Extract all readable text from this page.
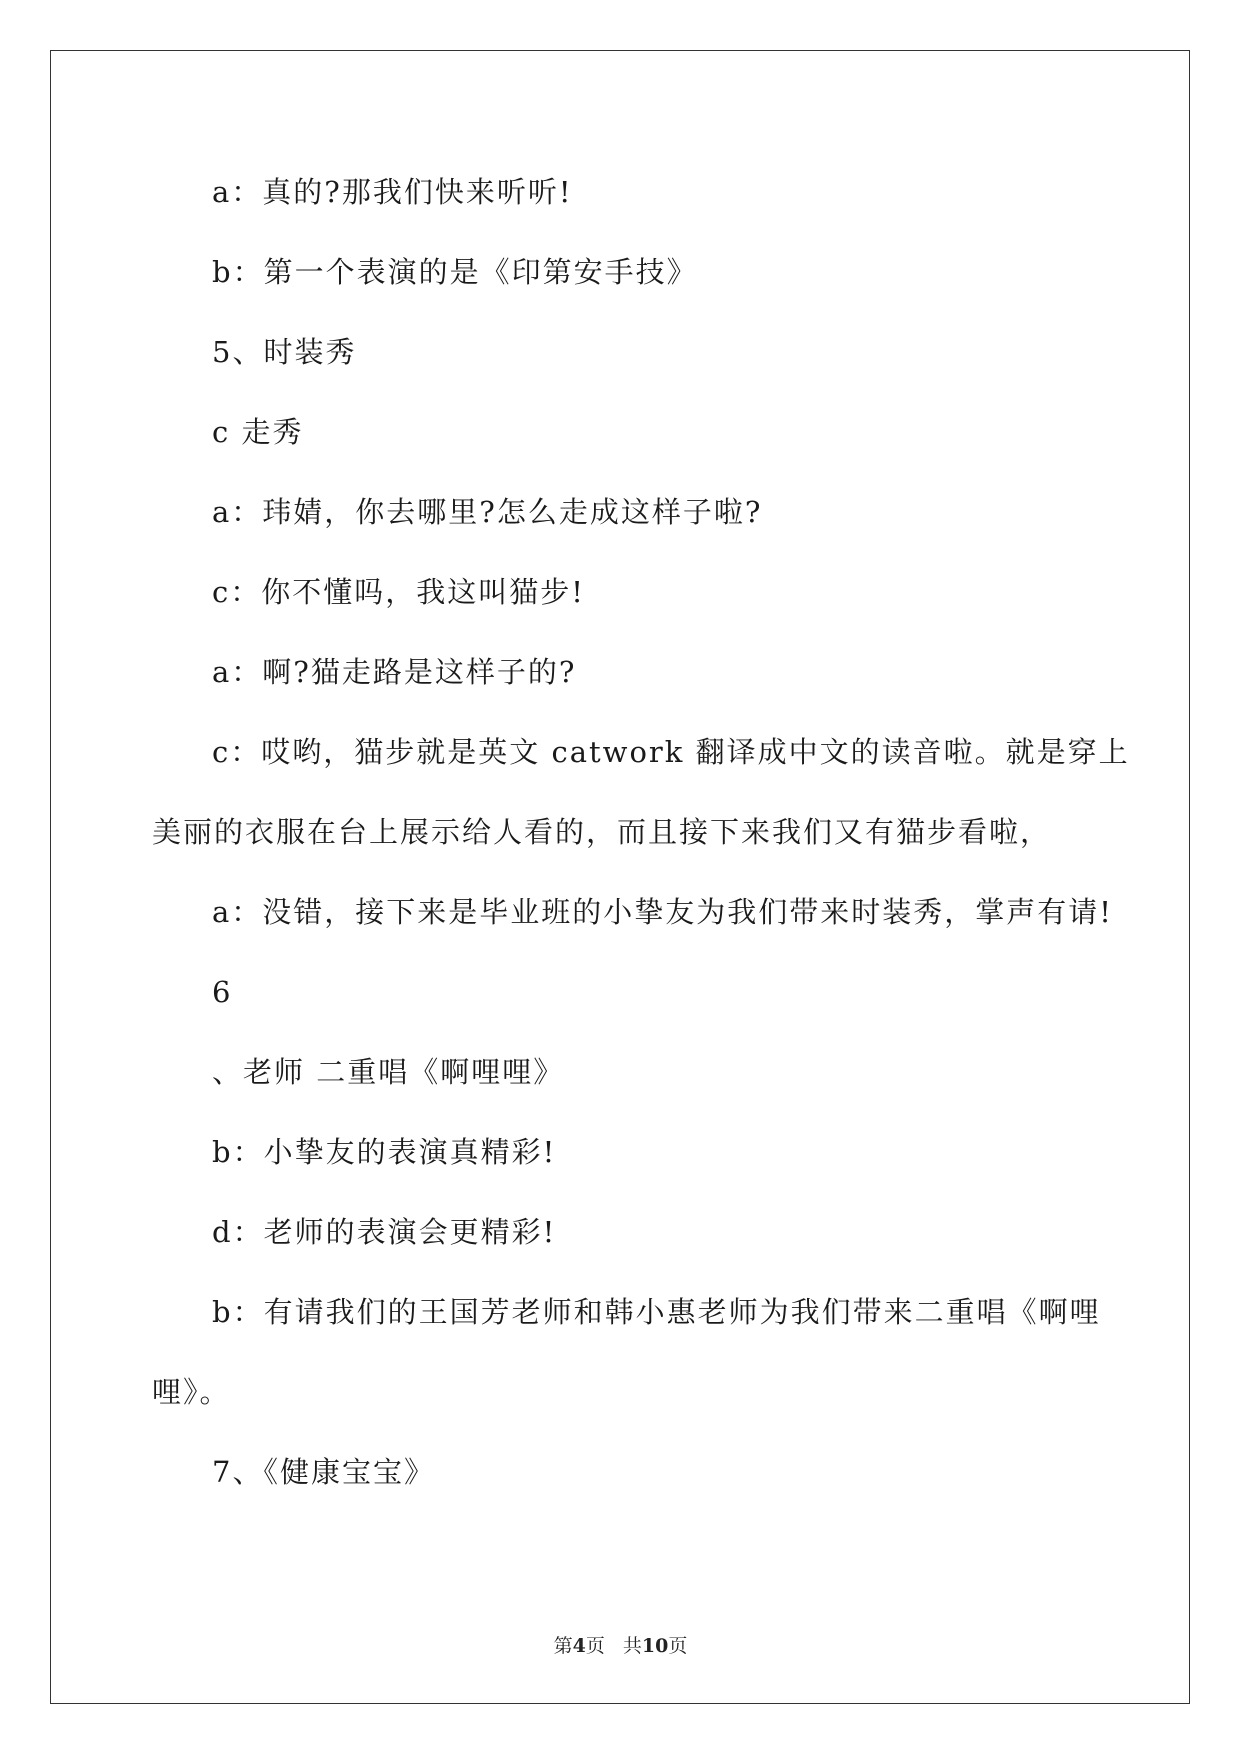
a：真的?那我们快来听听!

b：第一个表演的是《印第安手技》

5、时装秀

c 走秀

a：玮婧，你去哪里?怎么走成这样子啦?

c：你不懂吗，我这叫猫步!

a：啊?猫走路是这样子的?

c：哎哟，猫步就是英文 catwork 翻译成中文的读音啦。就是穿上

美丽的衣服在台上展示给人看的，而且接下来我们又有猫步看啦，

a：没错，接下来是毕业班的小挚友为我们带来时装秀，掌声有请!

6

、老师 二重唱《啊哩哩》

b：小挚友的表演真精彩!

d：老师的表演会更精彩!

b：有请我们的王国芳老师和韩小惠老师为我们带来二重唱《啊哩

哩》。

7、《健康宝宝》

第4页 共10页
